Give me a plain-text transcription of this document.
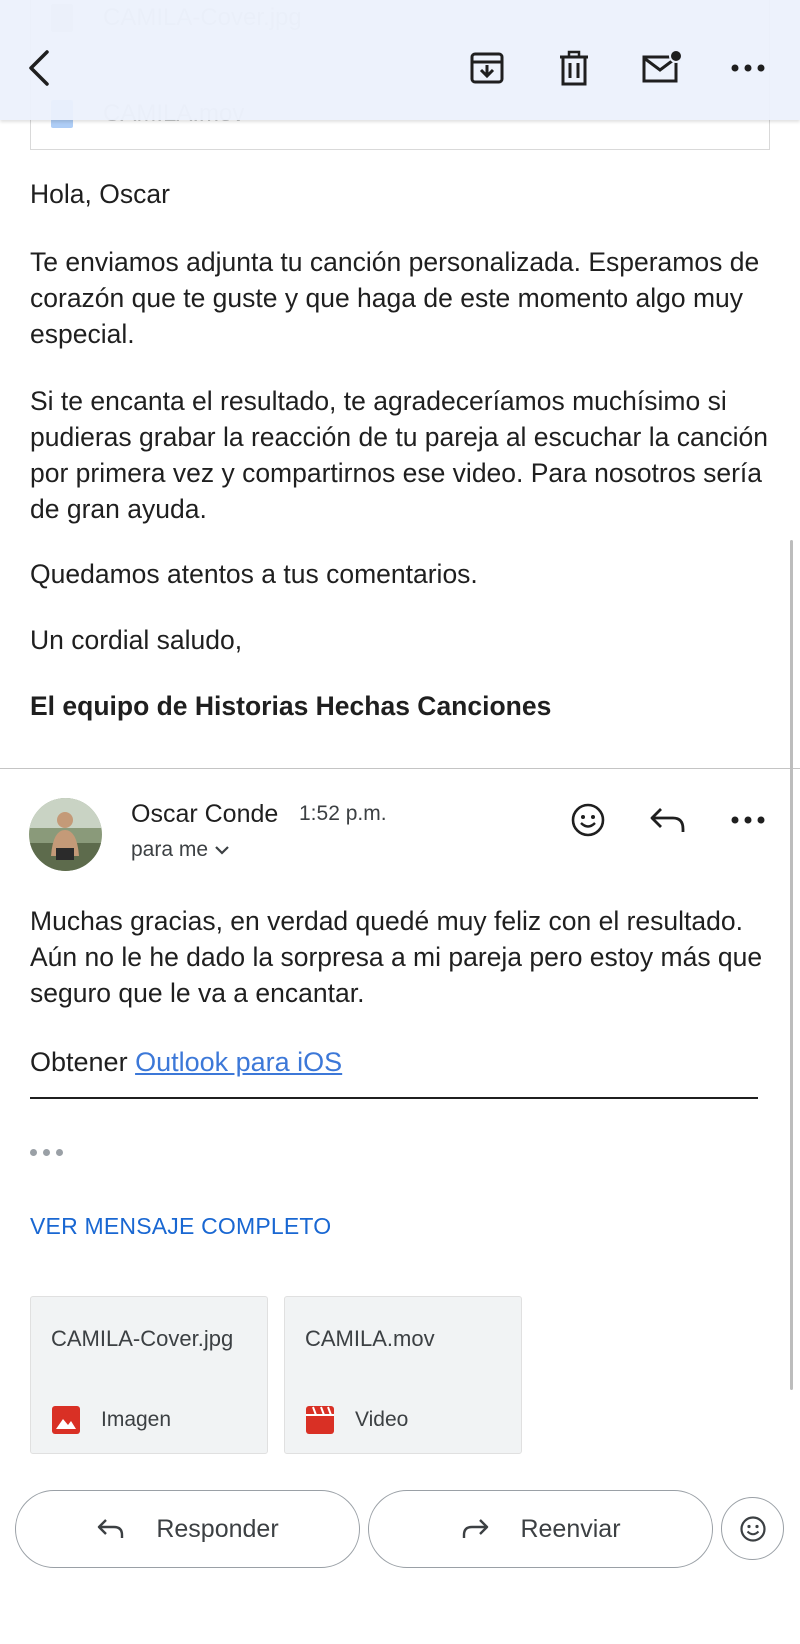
Hola, Oscar
Te enviamos adjunta tu canción personalizada. Esperamos de corazón que te guste y que haga de este momento algo muy especial.
Si te encanta el resultado, te agradeceríamos muchísimo si pudieras grabar la reacción de tu pareja al escuchar la canción por primera vez y compartirnos ese video. Para nosotros sería de gran ayuda.
Quedamos atentos a tus comentarios.
Un cordial saludo,
El equipo de Historias Hechas Canciones
Oscar Conde 1:52 p.m.
para me
Muchas gracias, en verdad quedé muy feliz con el resultado. Aún no le he dado la sorpresa a mi pareja pero estoy más que seguro que le va a encantar.
Obtener Outlook para iOS
VER MENSAJE COMPLETO
CAMILA-Cover.jpg
Imagen
CAMILA.mov
Video
Responder	Reenviar
